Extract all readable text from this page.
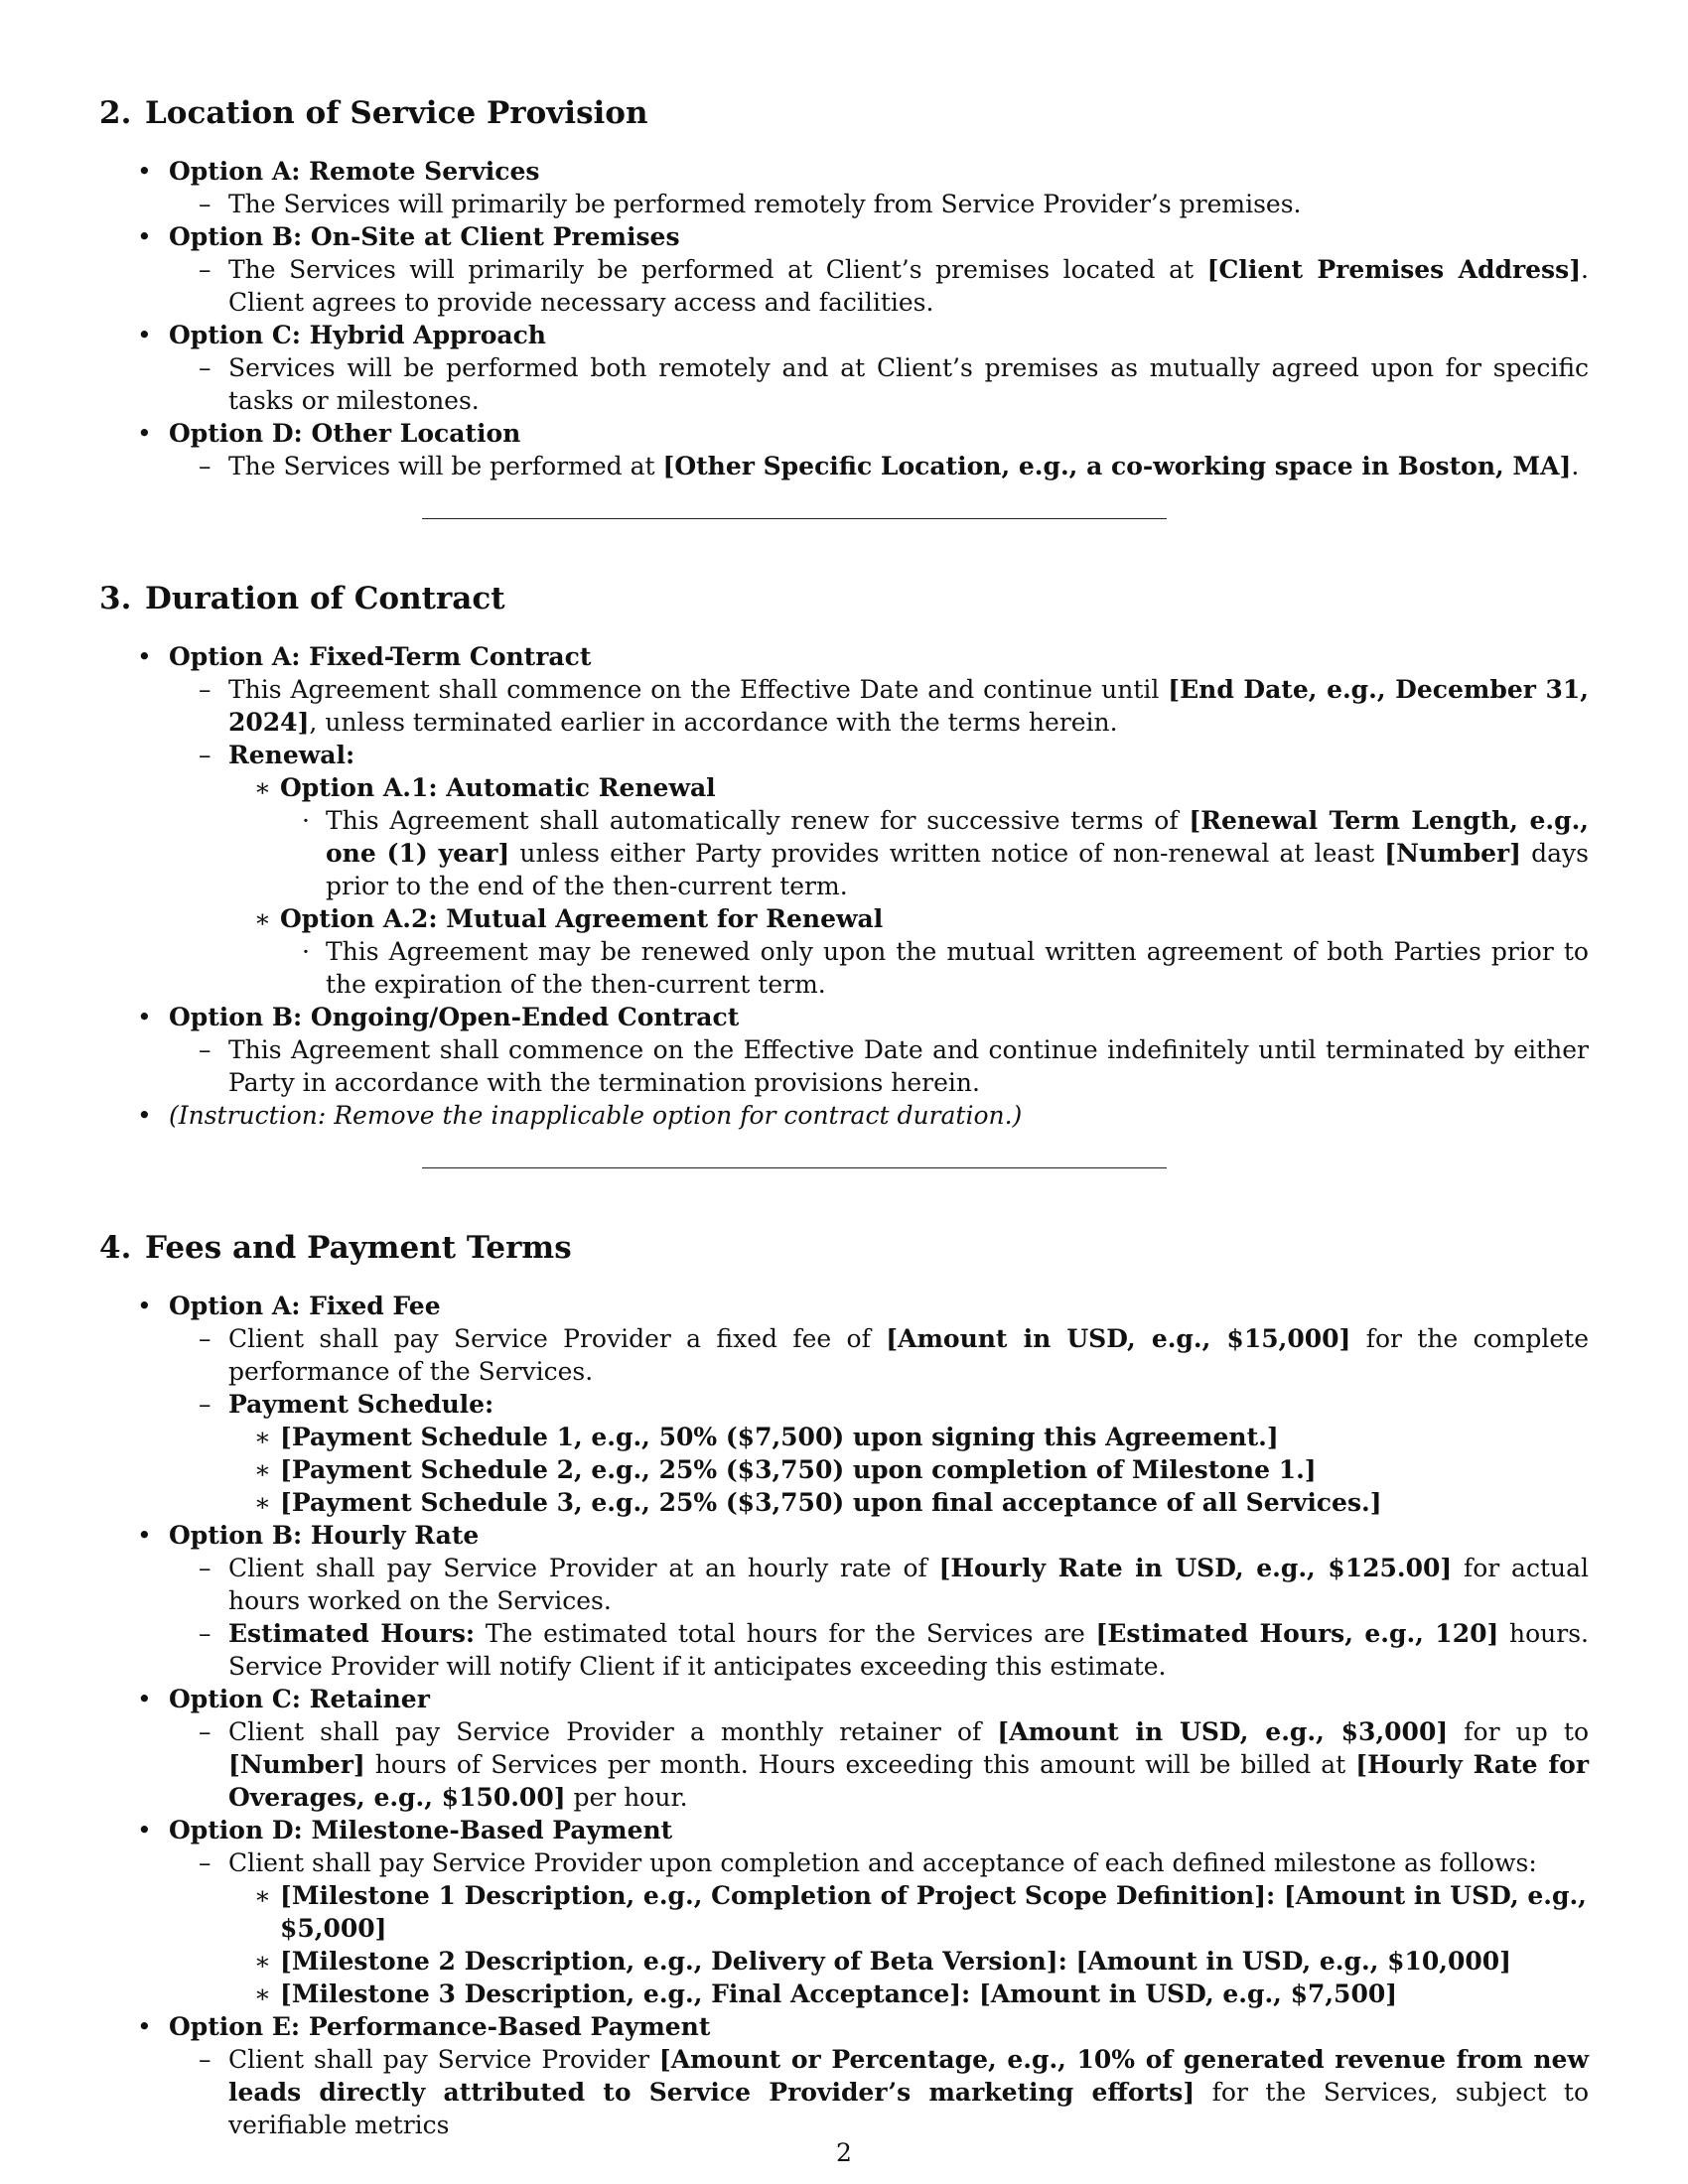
2. Location of Service Provision
• Option A: Remote Services
– The Services will primarily be performed remotely from Service Provider’s premises.
• Option B: On-Site at Client Premises
– The Services will primarily be performed at Client’s premises located at [Client Premises Address]. Client agrees to provide necessary access and facilities.
• Option C: Hybrid Approach
– Services will be performed both remotely and at Client’s premises as mutually agreed upon for specific tasks or milestones.
• Option D: Other Location
– The Services will be performed at [Other Specific Location, e.g., a co-working space in Boston, MA].
3. Duration of Contract
• Option A: Fixed-Term Contract
– This Agreement shall commence on the Effective Date and continue until [End Date, e.g., December 31, 2024], unless terminated earlier in accordance with the terms herein.
– Renewal:
∗ Option A.1: Automatic Renewal
· This Agreement shall automatically renew for successive terms of [Renewal Term Length, e.g., one (1) year] unless either Party provides written notice of non-renewal at least [Number] days prior to the end of the then-current term.
∗ Option A.2: Mutual Agreement for Renewal
· This Agreement may be renewed only upon the mutual written agreement of both Parties prior to the expiration of the then-current term.
• Option B: Ongoing/Open-Ended Contract
– This Agreement shall commence on the Effective Date and continue indefinitely until terminated by either Party in accordance with the termination provisions herein.
• (Instruction: Remove the inapplicable option for contract duration.)
4. Fees and Payment Terms
• Option A: Fixed Fee
– Client shall pay Service Provider a fixed fee of [Amount in USD, e.g., $15,000] for the complete performance of the Services.
– Payment Schedule:
∗ [Payment Schedule 1, e.g., 50% ($7,500) upon signing this Agreement.]
∗ [Payment Schedule 2, e.g., 25% ($3,750) upon completion of Milestone 1.]
∗ [Payment Schedule 3, e.g., 25% ($3,750) upon final acceptance of all Services.]
• Option B: Hourly Rate
– Client shall pay Service Provider at an hourly rate of [Hourly Rate in USD, e.g., $125.00] for actual hours worked on the Services.
– Estimated Hours: The estimated total hours for the Services are [Estimated Hours, e.g., 120] hours. Service Provider will notify Client if it anticipates exceeding this estimate.
• Option C: Retainer
– Client shall pay Service Provider a monthly retainer of [Amount in USD, e.g., $3,000] for up to [Number] hours of Services per month. Hours exceeding this amount will be billed at [Hourly Rate for Overages, e.g., $150.00] per hour.
• Option D: Milestone-Based Payment
– Client shall pay Service Provider upon completion and acceptance of each defined milestone as follows:
∗ [Milestone 1 Description, e.g., Completion of Project Scope Definition]: [Amount in USD, e.g., $5,000]
∗ [Milestone 2 Description, e.g., Delivery of Beta Version]: [Amount in USD, e.g., $10,000]
∗ [Milestone 3 Description, e.g., Final Acceptance]: [Amount in USD, e.g., $7,500]
• Option E: Performance-Based Payment
– Client shall pay Service Provider [Amount or Percentage, e.g., 10% of generated revenue from new leads directly attributed to Service Provider’s marketing efforts] for the Services, subject to verifiable metrics
2
